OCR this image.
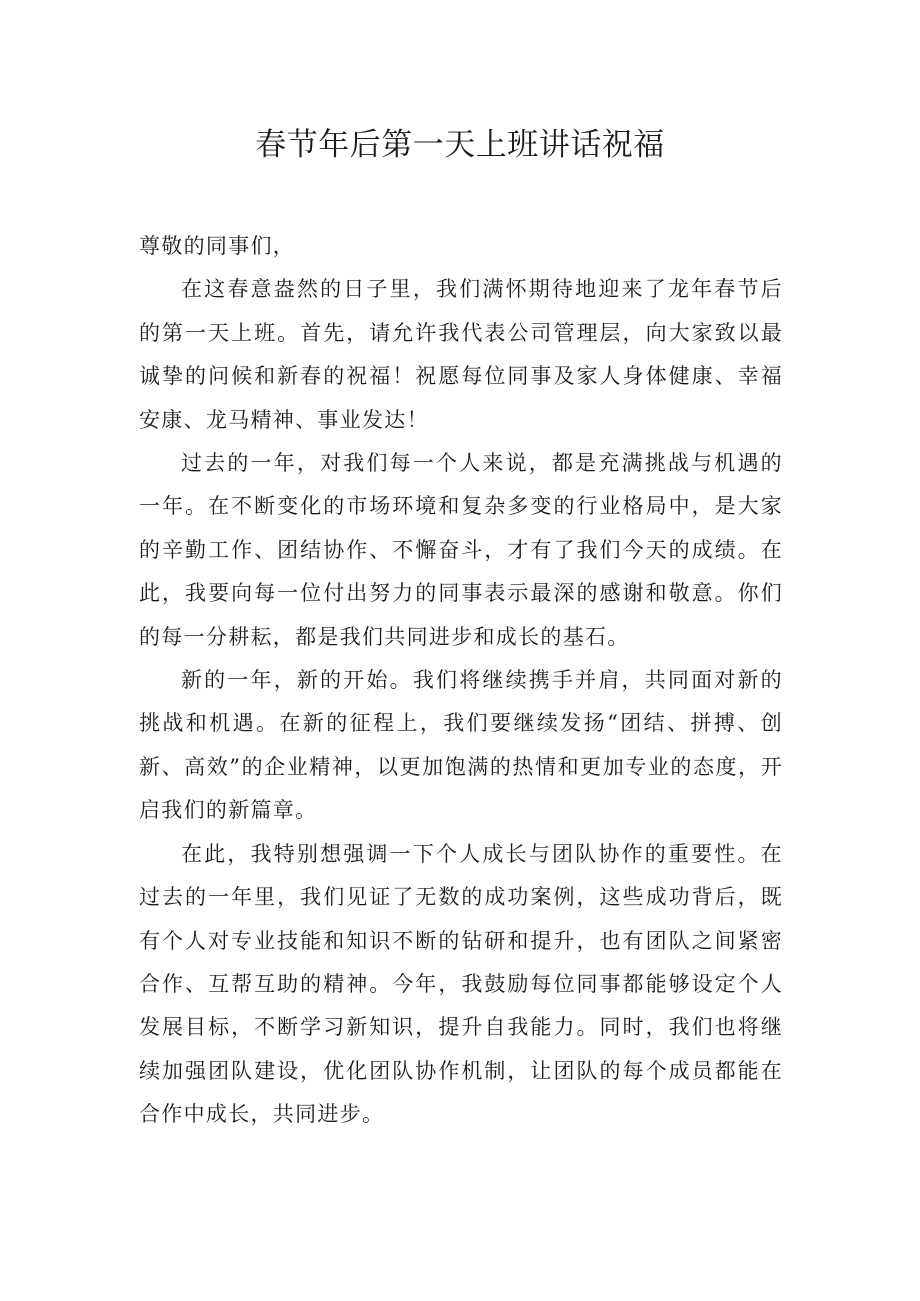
春节年后第一天上班讲话祝福

尊敬的同事们，

在这春意盎然的日子里，我们满怀期待地迎来了龙年春节后的第一天上班。首先，请允许我代表公司管理层，向大家致以最诚挚的问候和新春的祝福！祝愿每位同事及家人身体健康、幸福安康、龙马精神、事业发达！

过去的一年，对我们每一个人来说，都是充满挑战与机遇的一年。在不断变化的市场环境和复杂多变的行业格局中，是大家的辛勤工作、团结协作、不懈奋斗，才有了我们今天的成绩。在此，我要向每一位付出努力的同事表示最深的感谢和敬意。你们的每一分耕耘，都是我们共同进步和成长的基石。

新的一年，新的开始。我们将继续携手并肩，共同面对新的挑战和机遇。在新的征程上，我们要继续发扬“团结、拼搏、创新、高效”的企业精神，以更加饱满的热情和更加专业的态度，开启我们的新篇章。

在此，我特别想强调一下个人成长与团队协作的重要性。在过去的一年里，我们见证了无数的成功案例，这些成功背后，既有个人对专业技能和知识不断的钻研和提升，也有团队之间紧密合作、互帮互助的精神。今年，我鼓励每位同事都能够设定个人发展目标，不断学习新知识，提升自我能力。同时，我们也将继续加强团队建设，优化团队协作机制，让团队的每个成员都能在合作中成长，共同进步。
